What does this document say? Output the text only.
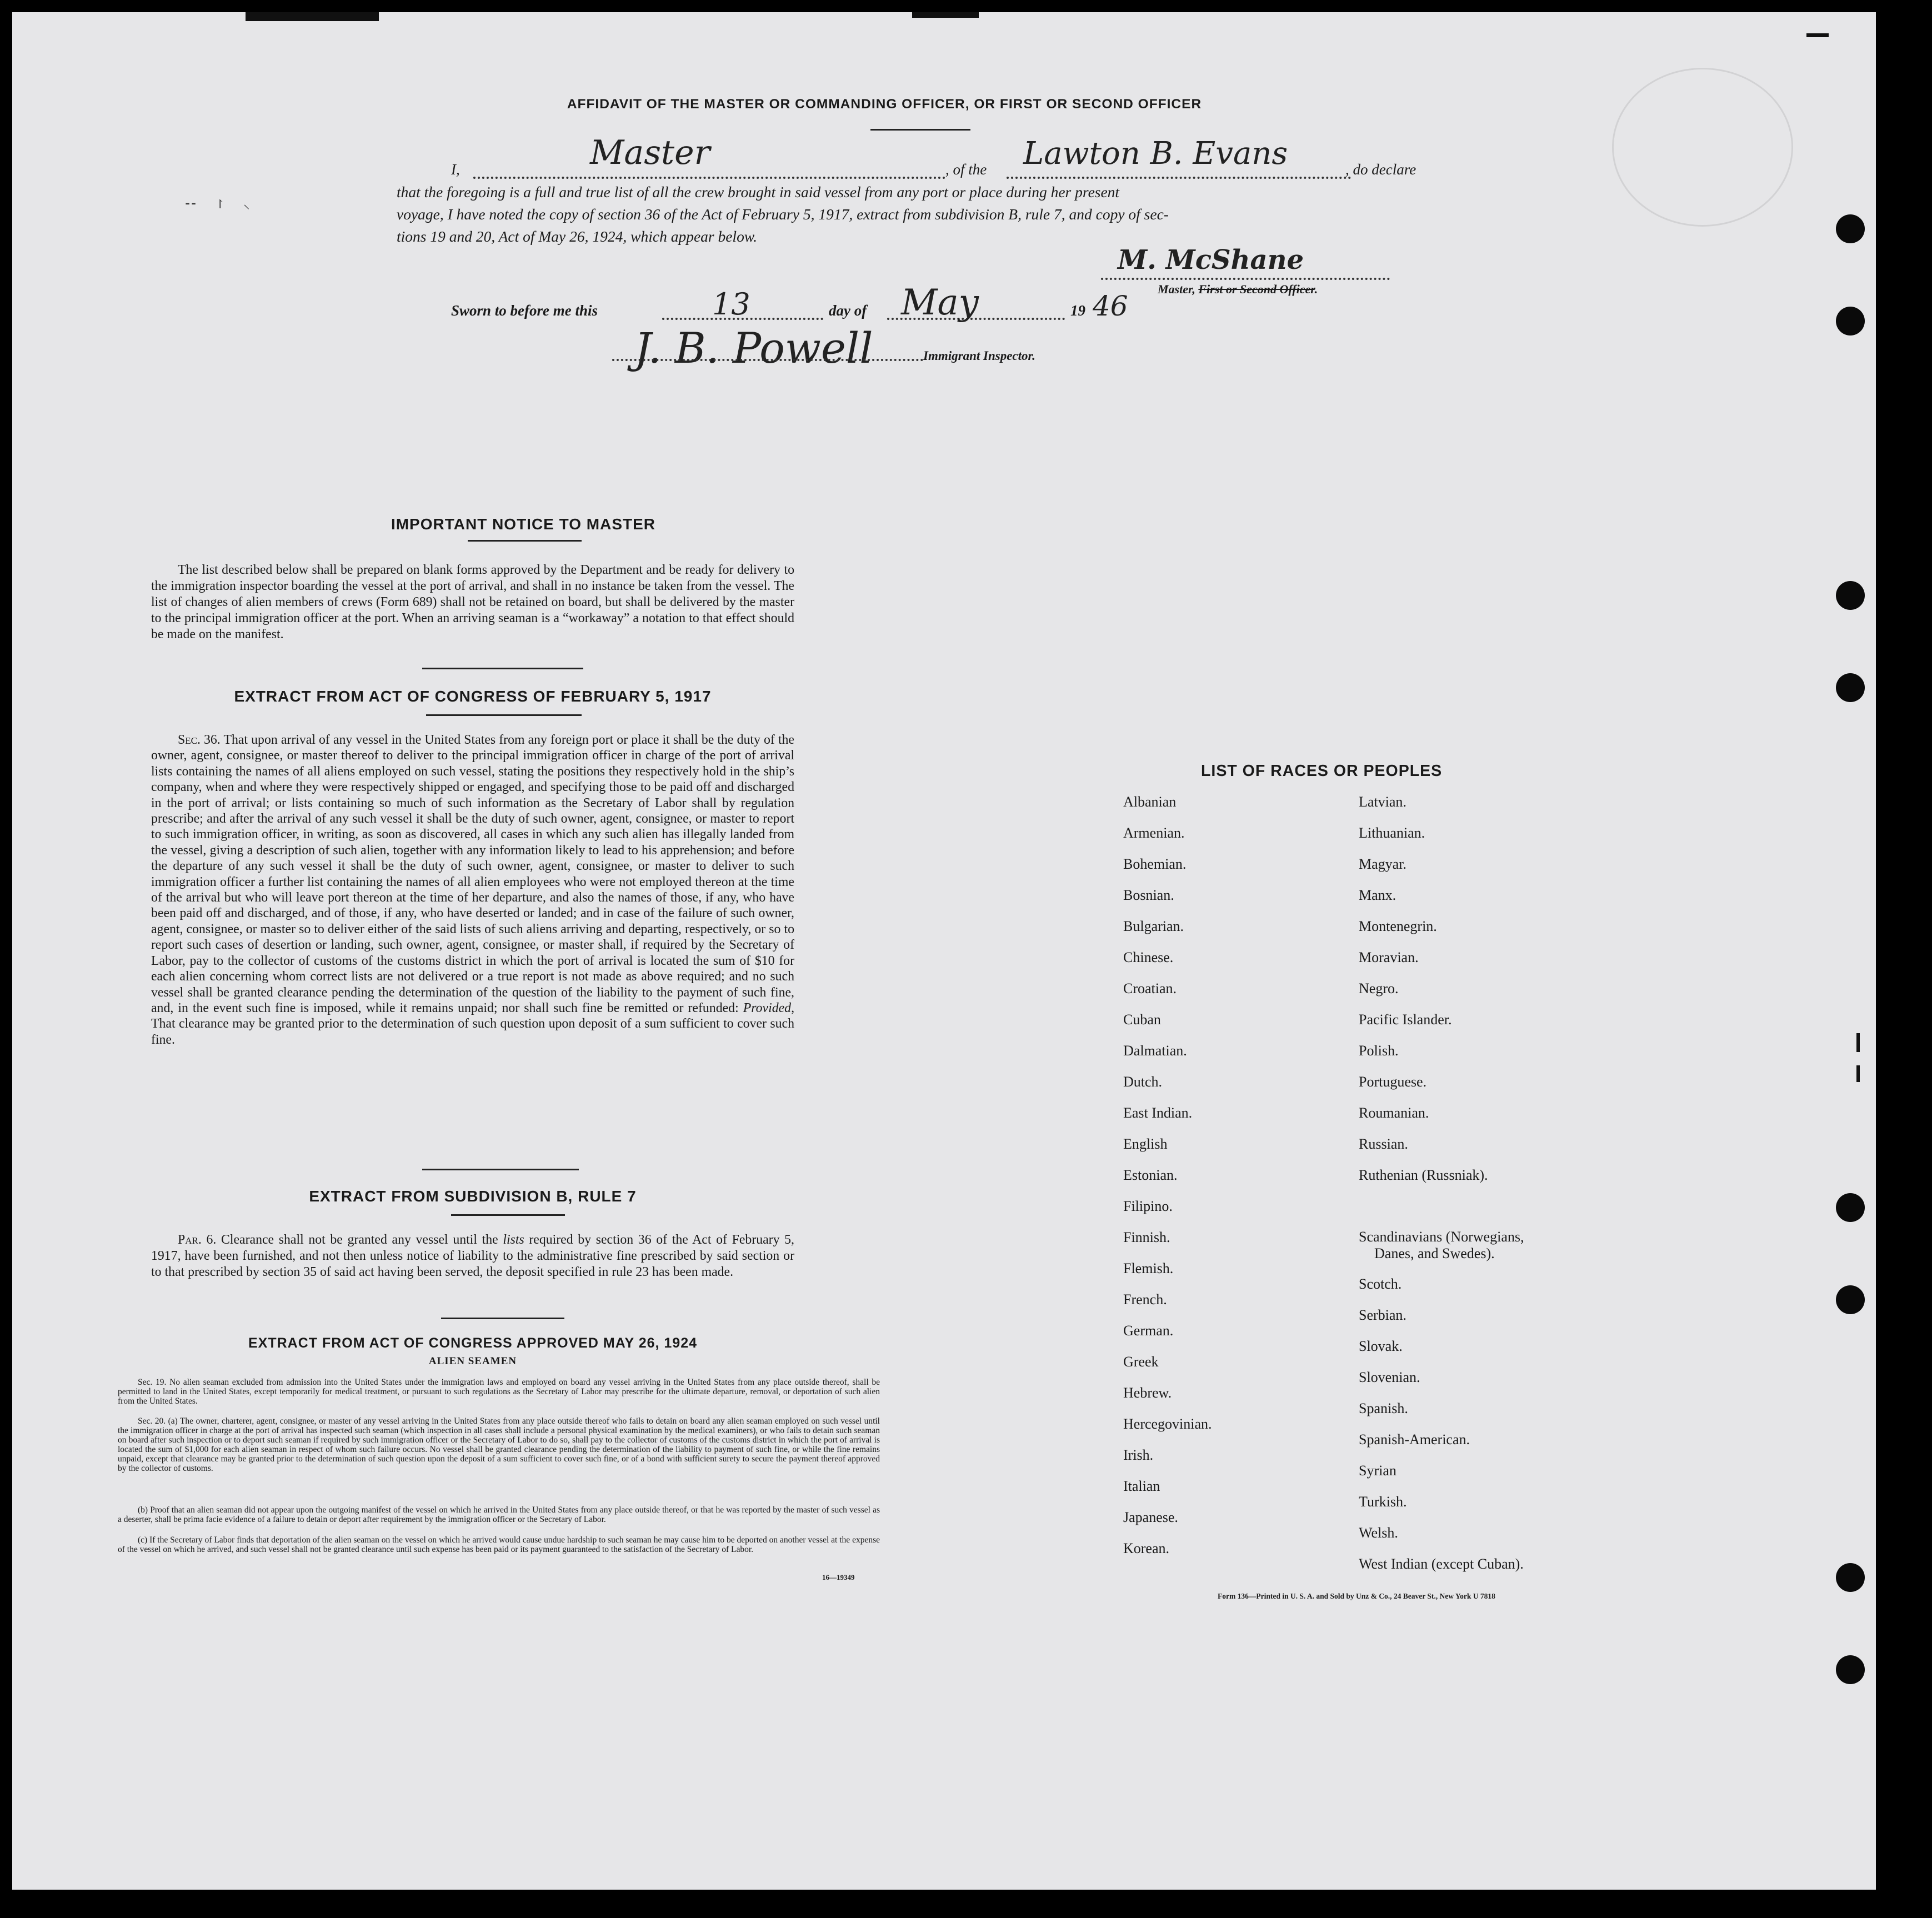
AFFIDAVIT OF THE MASTER OR COMMANDING OFFICER, OR FIRST OR SECOND OFFICER
I,	Master	, of the Lawton B. Evans	, do declare
that the foregoing is a full and true list of all the crew brought in said vessel from any port or place during her present
voyage, I have noted the copy of section 36 of the Act of February 5, 1917, extract from subdivision B, rule 7, and copy of sec-
tions 19 and 20, Act of May 26, 1924, which appear below.
M. McShane
Master, First or Second Officer.
Sworn to before me this	13	day of May	19 46
J. B. Powell	Immigrant Inspector.
⁃⁃      ↾      ⸜
IMPORTANT NOTICE TO MASTER
The list described below shall be prepared on blank forms approved by the Department and be ready for delivery to the immigration inspector boarding the vessel at the port of arrival, and shall in no instance be taken from the vessel. The list of changes of alien members of crews (Form 689) shall not be retained on board, but shall be delivered by the master to the principal immigration officer at the port. When an arriving seaman is a “workaway” a notation to that effect should be made on the manifest.
EXTRACT FROM ACT OF CONGRESS OF FEBRUARY 5, 1917
Sec. 36. That upon arrival of any vessel in the United States from any foreign port or place it shall be the duty of the owner, agent, consignee, or master thereof to deliver to the principal immigration officer in charge of the port of arrival lists containing the names of all aliens employed on such vessel, stating the positions they respectively hold in the ship’s company, when and where they were respectively shipped or engaged, and specifying those to be paid off and discharged in the port of arrival; or lists containing so much of such information as the Secretary of Labor shall by regulation prescribe; and after the arrival of any such vessel it shall be the duty of such owner, agent, consignee, or master to report to such immigration officer, in writing, as soon as discovered, all cases in which any such alien has illegally landed from the vessel, giving a description of such alien, together with any information likely to lead to his apprehension; and before the departure of any such vessel it shall be the duty of such owner, agent, consignee, or master to deliver to such immigration officer a further list containing the names of all alien employees who were not employed thereon at the time of the arrival but who will leave port thereon at the time of her departure, and also the names of those, if any, who have been paid off and discharged, and of those, if any, who have deserted or landed; and in case of the failure of such owner, agent, consignee, or master so to deliver either of the said lists of such aliens arriving and departing, respectively, or so to report such cases of desertion or landing, such owner, agent, consignee, or master shall, if required by the Secretary of Labor, pay to the collector of customs of the customs district in which the port of arrival is located the sum of $10 for each alien concerning whom correct lists are not delivered or a true report is not made as above required; and no such vessel shall be granted clearance pending the determination of the question of the liability to the payment of such fine, and, in the event such fine is imposed, while it remains unpaid; nor shall such fine be remitted or refunded: Provided, That clearance may be granted prior to the determination of such question upon deposit of a sum sufficient to cover such fine.
EXTRACT FROM SUBDIVISION B, RULE 7
Par. 6. Clearance shall not be granted any vessel until the lists required by section 36 of the Act of February 5, 1917, have been furnished, and not then unless notice of liability to the administrative fine prescribed by said section or to that prescribed by section 35 of said act having been served, the deposit specified in rule 23 has been made.
EXTRACT FROM ACT OF CONGRESS APPROVED MAY 26, 1924
ALIEN SEAMEN
Sec. 19. No alien seaman excluded from admission into the United States under the immigration laws and employed on board any vessel arriving in the United States from any place outside thereof, shall be permitted to land in the United States, except temporarily for medical treatment, or pursuant to such regulations as the Secretary of Labor may prescribe for the ultimate departure, removal, or deportation of such alien from the United States.
Sec. 20. (a) The owner, charterer, agent, consignee, or master of any vessel arriving in the United States from any place outside thereof who fails to detain on board any alien seaman employed on such vessel until the immigration officer in charge at the port of arrival has inspected such seaman (which inspection in all cases shall include a personal physical examination by the medical examiners), or who fails to detain such seaman on board after such inspection or to deport such seaman if required by such immigration officer or the Secretary of Labor to do so, shall pay to the collector of customs of the customs district in which the port of arrival is located the sum of $1,000 for each alien seaman in respect of whom such failure occurs. No vessel shall be granted clearance pending the determination of the liability to payment of such fine, or while the fine remains unpaid, except that clearance may be granted prior to the determination of such question upon the deposit of a sum sufficient to cover such fine, or of a bond with sufficient surety to secure the payment thereof approved by the collector of customs.
(b) Proof that an alien seaman did not appear upon the outgoing manifest of the vessel on which he arrived in the United States from any place outside thereof, or that he was reported by the master of such vessel as a deserter, shall be prima facie evidence of a failure to detain or deport after requirement by the immigration officer or the Secretary of Labor.
(c) If the Secretary of Labor finds that deportation of the alien seaman on the vessel on which he arrived would cause undue hardship to such seaman he may cause him to be deported on another vessel at the expense of the vessel on which he arrived, and such vessel shall not be granted clearance until such expense has been paid or its payment guaranteed to the satisfaction of the Secretary of Labor.
16—19349
LIST OF RACES OR PEOPLES
Albanian
Armenian.
Bohemian.
Bosnian.
Bulgarian.
Chinese.
Croatian.
Cuban
Dalmatian.
Dutch.
East Indian.
English
Estonian.
Filipino.
Finnish.
Flemish.
French.
German.
Greek
Hebrew.
Hercegovinian.
Irish.
Italian
Japanese.
Korean.
Latvian.
Lithuanian.
Magyar.
Manx.
Montenegrin.
Moravian.
Negro.
Pacific Islander.
Polish.
Portuguese.
Roumanian.
Russian.
Ruthenian (Russniak).
Scandinavians (Norwegians,
Danes, and Swedes).
Scotch.
Serbian.
Slovak.
Slovenian.
Spanish.
Spanish-American.
Syrian
Turkish.
Welsh.
West Indian (except Cuban).
Form 136—Printed in U. S. A. and Sold by Unz & Co., 24 Beaver St., New York U 7818
